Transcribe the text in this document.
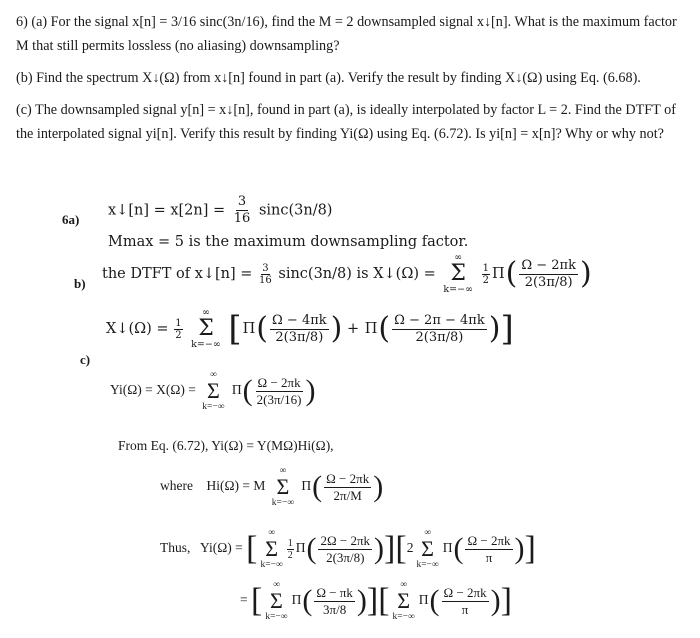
6) (a) For the signal x[n] = 3/16 sinc(3n/16), find the M = 2 downsampled signal x↓[n]. What is the maximum factor M that still permits lossless (no aliasing) downsampling?

(b) Find the spectrum X↓(Ω) from x↓[n] found in part (a). Verify the result by finding X↓(Ω) using Eq. (6.68).

(c) The downsampled signal y[n] = x↓[n], found in part (a), is ideally interpolated by factor L = 2. Find the DTFT of the interpolated signal yi[n]. Verify this result by finding Yi(Ω) using Eq. (6.72). Is yi[n] = x[n]? Why or why not?

6a)
x↓[n] = $x[2n] = \frac{3}{16} \sin c(3n/8)$
Mmax = 5 is the maximum downsampling factor.
b)
the DTFT of x↓[n] = $\frac{3}{16} \sin c(3n/8)$ is X↓(Ω) =
∞
Σ
k=−∞

$\frac{1}{2} \Pi( \frac{\Omega - 2\pi k}{2(3\pi/8)}$ )
X↓(Ω) = $\frac{1}{2}$

∞
Σ
k=−∞ [$\Pi( \frac{\Omega - 4\pi k}{2(3\pi/8)}$ ) + $\Pi( \frac{\Omega - 2\pi - 4\pi k}{2(3\pi/8)}$ )]
c)
Yi(Ω) = X(Ω) =
∞
Σ
k=−∞
$\Pi( \frac{\Omega - 2\pi k}{2(3\pi/16)}$ )
From Eq. (6.72), Yi(Ω) = Y(MΩ)Hi(Ω),
where Hi(Ω) = M
∞
Σ
k=−∞
$\Pi( \frac{\Omega - 2\pi k}{2\pi/M}$ )
Thus, Yi(Ω) = [ ∞
Σ
k=−∞
$\frac{1}{2} \Pi( \frac{2\Omega - 2\pi k}{2(3\pi/8)} )][2$
∞
Σ
k=−∞
$\Pi( \frac{\Omega - 2\pi k}{\pi}$ )]
= [ ∞
Σ
k=−∞
$\Pi( \frac{\Omega - \pi k}{3\pi/8}$ )][ ∞
Σ
k=−∞
$\Pi( \frac{\Omega - 2\pi k}{\pi}$ )]
